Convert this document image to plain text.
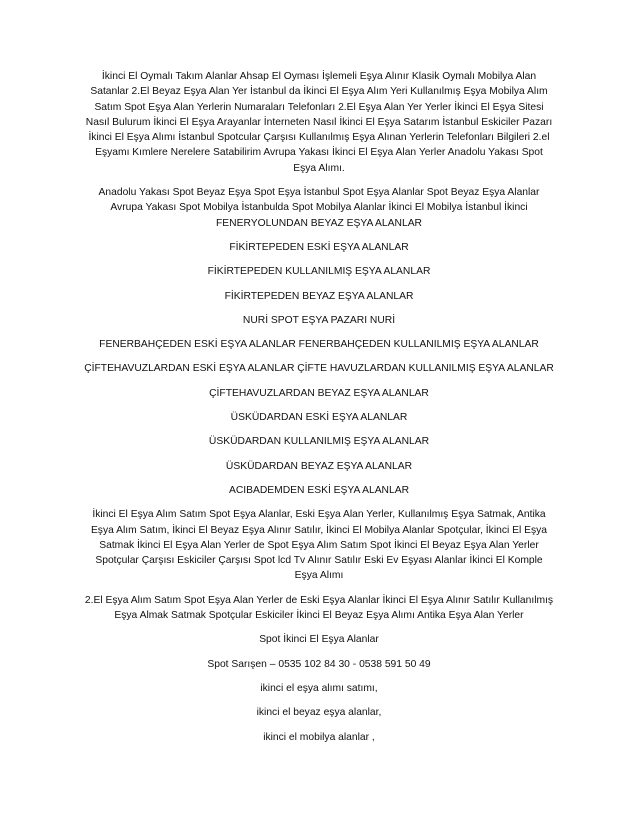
İkinci El Oymalı Takım Alanlar Ahsap El Oyması İşlemeli Eşya Alınır Klasik Oymalı Mobilya Alan Satanlar 2.El Beyaz Eşya Alan Yer İstanbul da İkinci El Eşya Alım Yeri Kullanılmış Eşya Mobilya Alım Satım Spot Eşya Alan Yerlerin Numaraları Telefonları 2.El Eşya Alan Yer Yerler İkinci El Eşya Sitesi Nasıl Bulurum İkinci El Eşya Arayanlar İnterneten Nasıl İkinci El Eşya Satarım İstanbul Eskiciler Pazarı İkinci El Eşya Alımı İstanbul Spotcular Çarşısı Kullanılmış Eşya Alınan Yerlerin Telefonları Bilgileri 2.el Eşyamı Kımlere Nerelere Satabilirim Avrupa Yakası İkinci El Eşya Alan Yerler Anadolu Yakası Spot Eşya Alımı.

Anadolu Yakası Spot Beyaz Eşya Spot Eşya İstanbul Spot Eşya Alanlar Spot Beyaz Eşya Alanlar Avrupa Yakası Spot Mobilya İstanbulda Spot Mobilya Alanlar İkinci El Mobilya İstanbul İkinci FENERYOLUNDAN BEYAZ EŞYA ALANLAR

FİKİRTEPEDEN ESKİ EŞYA ALANLAR
FİKİRTEPEDEN KULLANILMIŞ EŞYA ALANLAR
FİKİRTEPEDEN BEYAZ EŞYA ALANLAR
NURİ SPOT EŞYA PAZARI NURİ
FENERBAHÇEDEN ESKİ EŞYA ALANLAR FENERBAHÇEDEN KULLANILMIŞ EŞYA ALANLAR
ÇİFTEHAVUZLARDAN ESKİ EŞYA ALANLAR ÇİFTE HAVUZLARDAN KULLANILMIŞ EŞYA ALANLAR
ÇİFTEHAVUZLARDAN BEYAZ EŞYA ALANLAR
ÜSKÜDARDAN ESKİ EŞYA ALANLAR
ÜSKÜDARDAN KULLANILMIŞ EŞYA ALANLAR
ÜSKÜDARDAN BEYAZ EŞYA ALANLAR
ACIBADEMDEN ESKİ EŞYA ALANLAR

İkinci El Eşya Alım Satım Spot Eşya Alanlar, Eski Eşya Alan Yerler, Kullanılmış Eşya Satmak, Antika Eşya Alım Satım, İkinci El Beyaz Eşya Alınır Satılır, İkinci El Mobilya Alanlar Spotçular, İkinci El Eşya Satmak İkinci El Eşya Alan Yerler de Spot Eşya Alım Satım Spot İkinci El Beyaz Eşya Alan Yerler Spotçular Çarşısı Eskiciler Çarşısı Spot lcd Tv Alınır Satılır Eski Ev Eşyası Alanlar İkinci El Komple Eşya Alımı

2.El Eşya Alım Satım Spot Eşya Alan Yerler de Eski Eşya Alanlar İkinci El Eşya Alınır Satılır Kullanılmış Eşya Almak Satmak Spotçular Eskiciler İkinci El Beyaz Eşya Alımı Antika Eşya Alan Yerler

Spot İkinci El Eşya Alanlar
Spot Sarışen – 0535 102 84 30 - 0538 591 50 49
ikinci el eşya alımı satımı,
ikinci el beyaz eşya alanlar,
ikinci el mobilya alanlar ,
